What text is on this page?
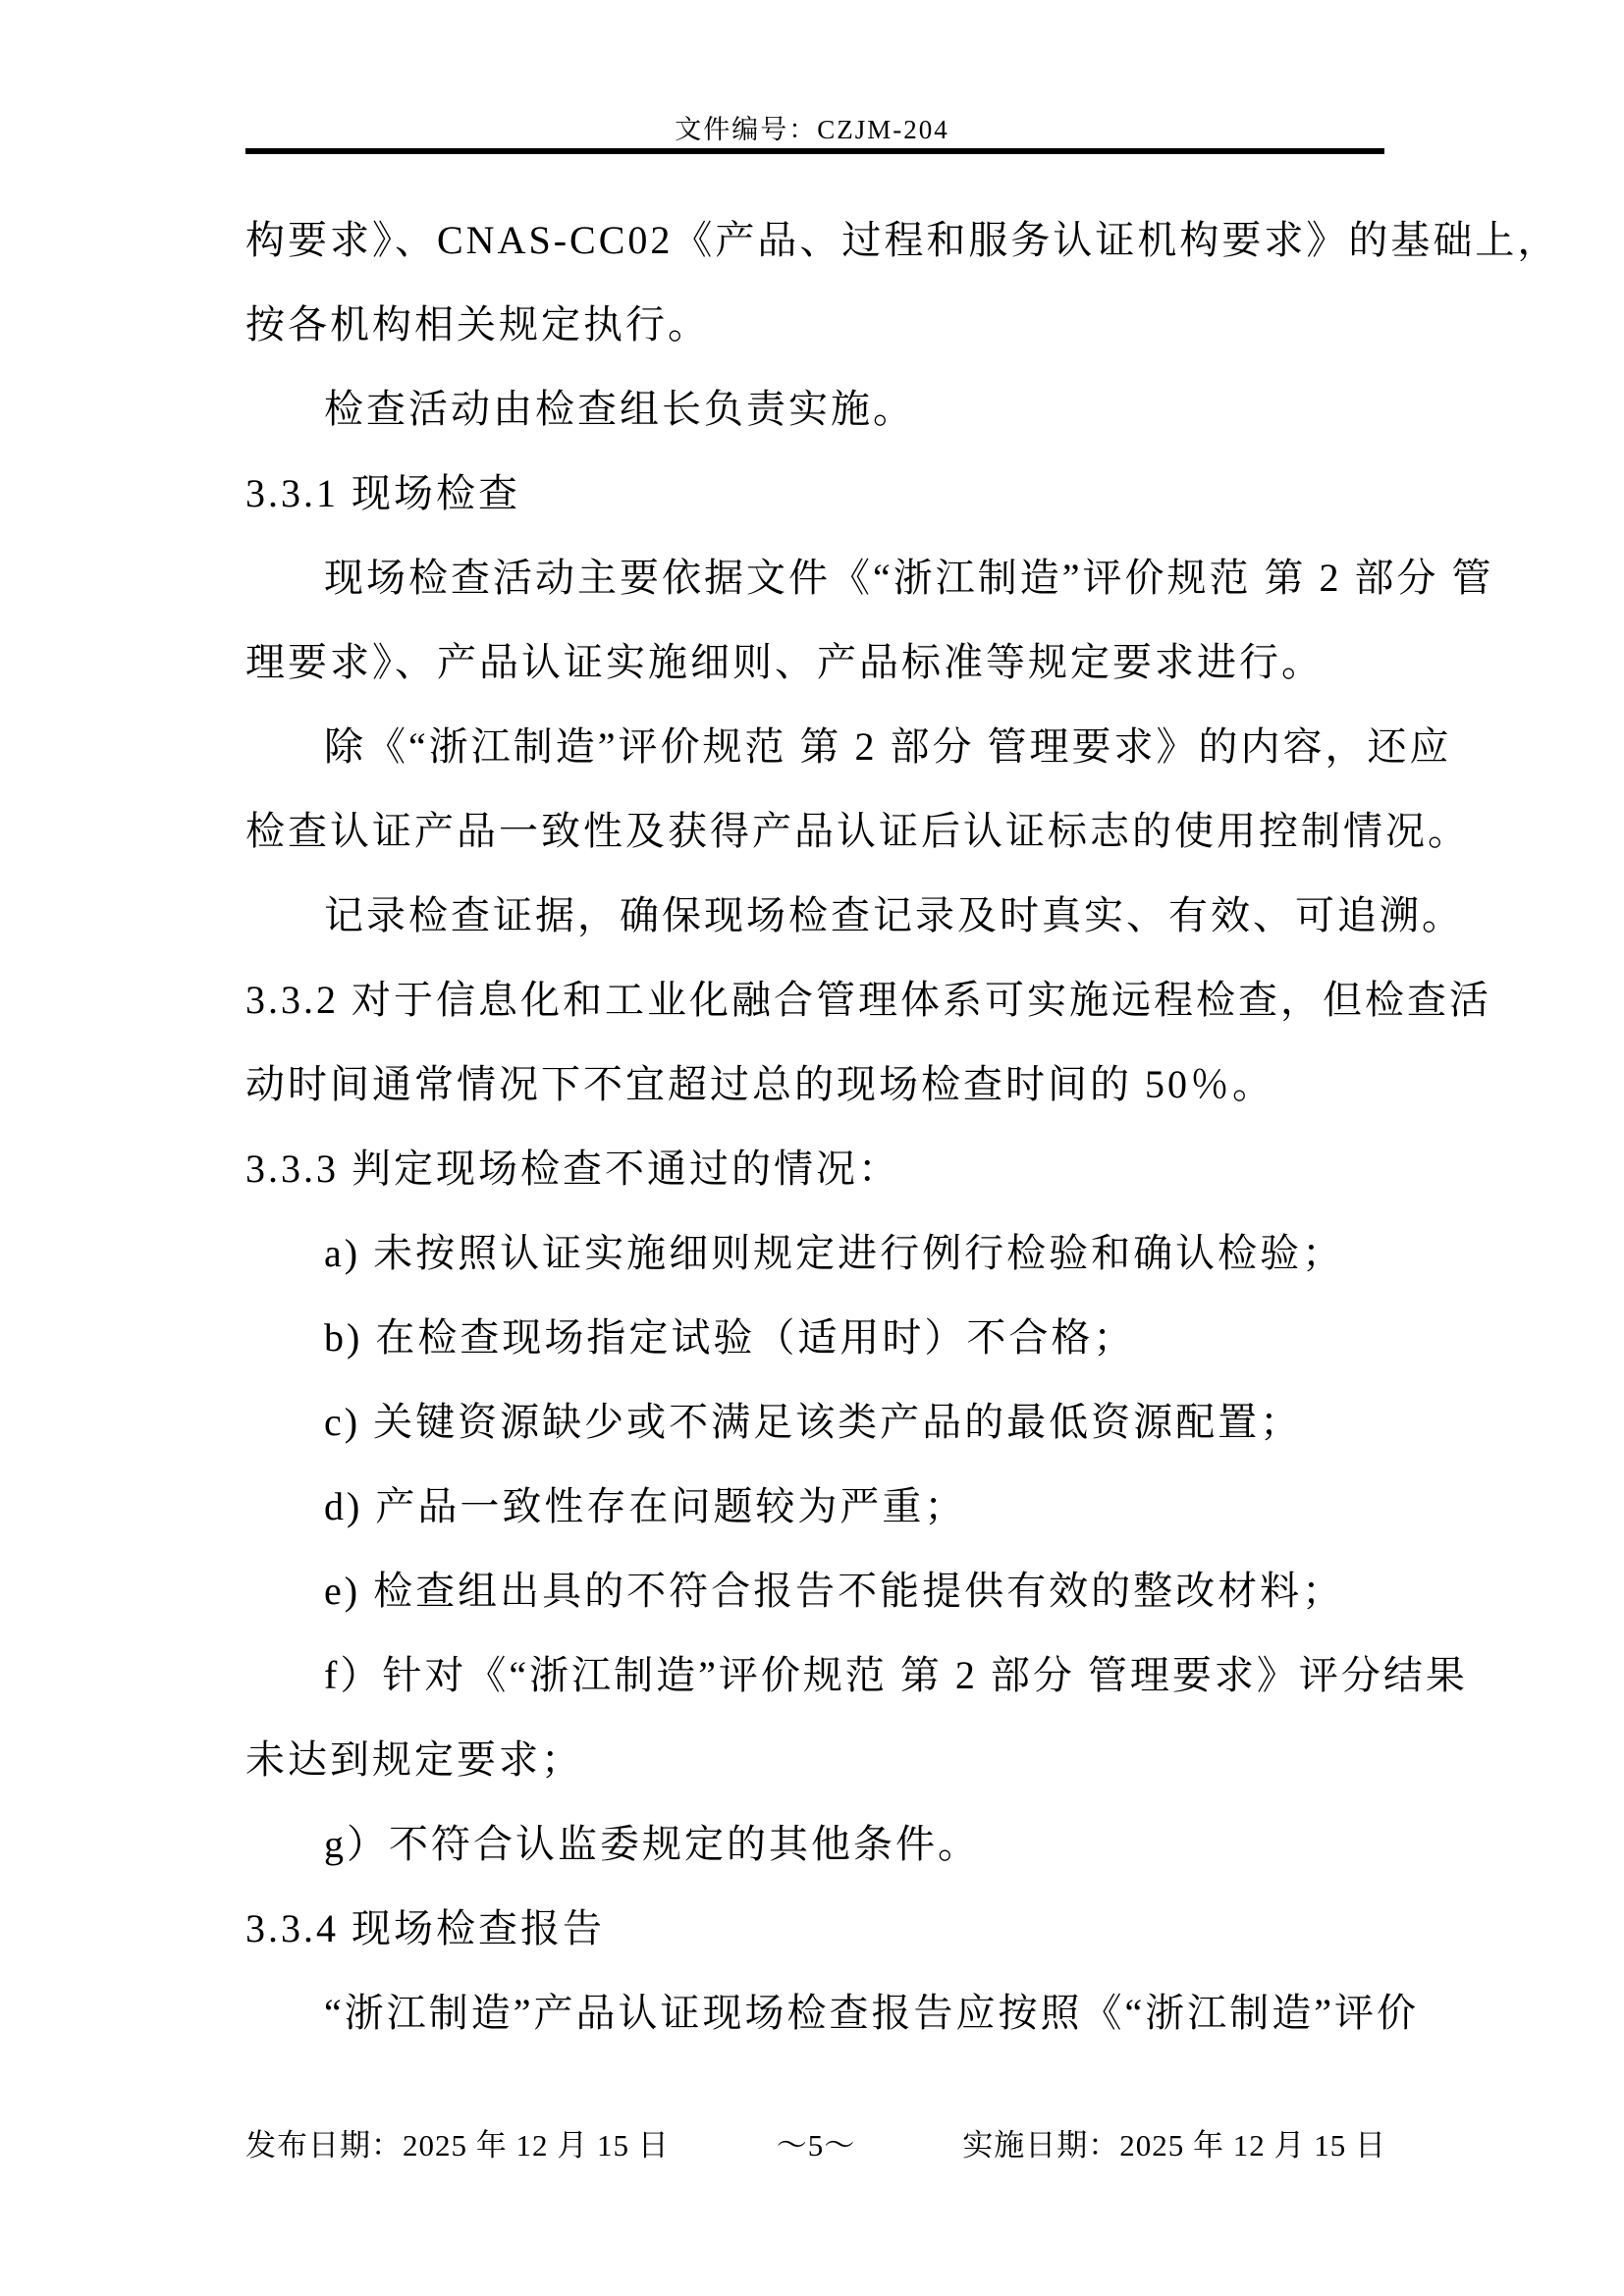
文件编号：CZJM-204
构要求》、CNAS-CC02《产品、过程和服务认证机构要求》的基础上，
按各机构相关规定执行。
检查活动由检查组长负责实施。
3.3.1 现场检查
现场检查活动主要依据文件《“浙江制造”评价规范 第 2 部分 管
理要求》、产品认证实施细则、产品标准等规定要求进行。
除《“浙江制造”评价规范 第 2 部分 管理要求》的内容，还应
检查认证产品一致性及获得产品认证后认证标志的使用控制情况。
记录检查证据，确保现场检查记录及时真实、有效、可追溯。
3.3.2 对于信息化和工业化融合管理体系可实施远程检查，但检查活
动时间通常情况下不宜超过总的现场检查时间的 50％。
3.3.3 判定现场检查不通过的情况：
a) 未按照认证实施细则规定进行例行检验和确认检验；
b) 在检查现场指定试验（适用时）不合格；
c) 关键资源缺少或不满足该类产品的最低资源配置；
d) 产品一致性存在问题较为严重；
e) 检查组出具的不符合报告不能提供有效的整改材料；
f）针对《“浙江制造”评价规范 第 2 部分 管理要求》评分结果
未达到规定要求；
g）不符合认监委规定的其他条件。
3.3.4 现场检查报告
“浙江制造”产品认证现场检查报告应按照《“浙江制造”评价
发布日期：2025 年 12 月 15 日	～5～	实施日期：2025 年 12 月 15 日
